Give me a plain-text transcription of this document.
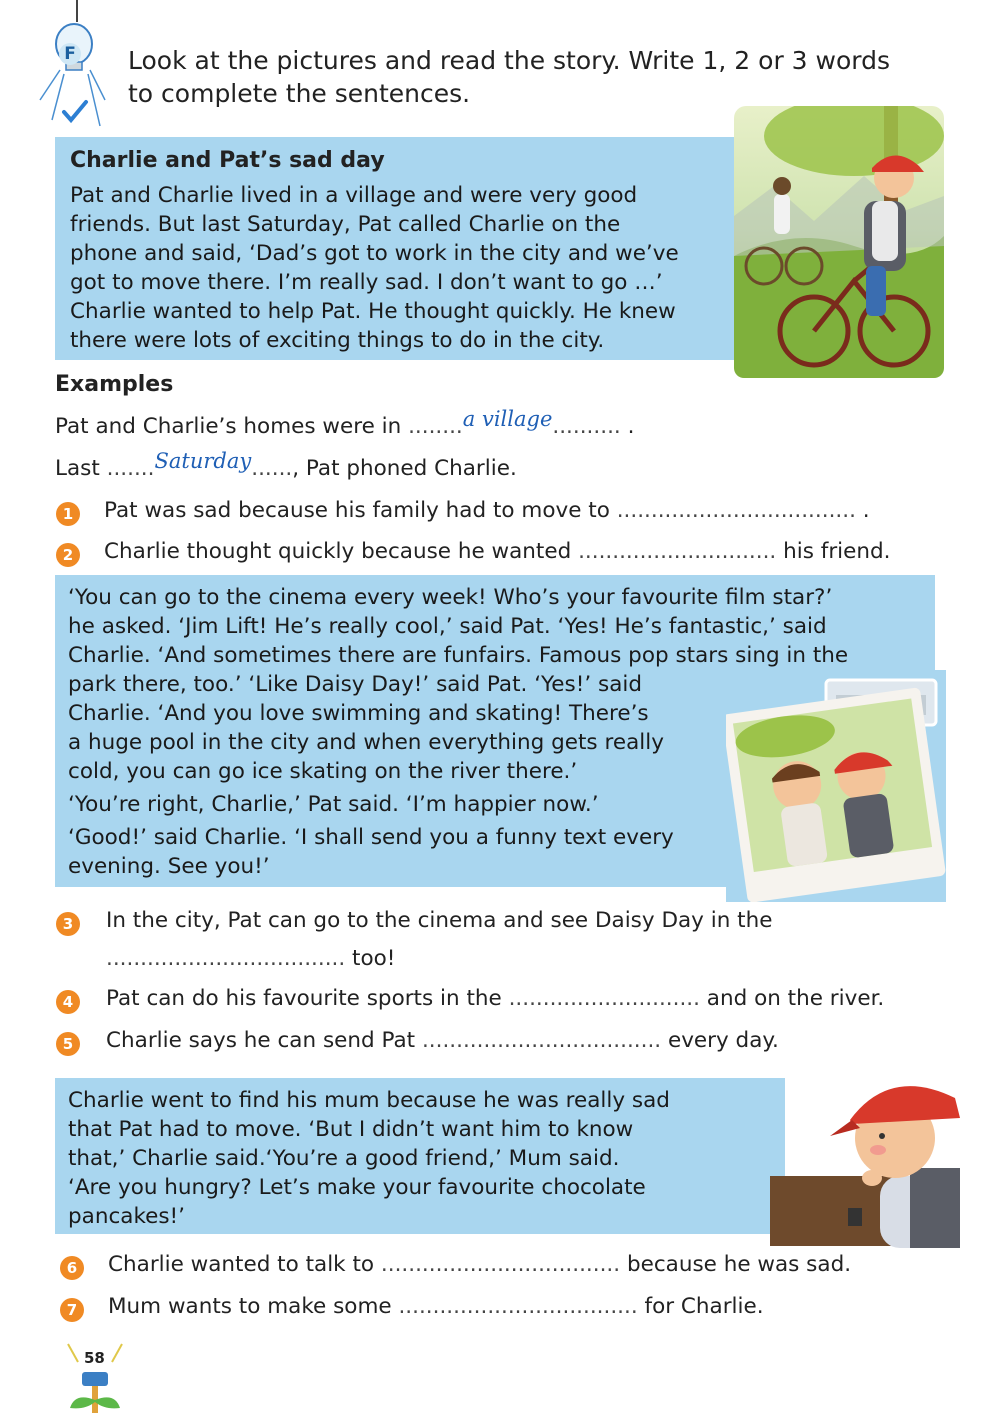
F Look at the pictures and read the story. Write 1, 2 or 3 words
to complete the sentences.
Charlie and Pat’s sad day
Pat and Charlie lived in a village and were very good
friends. But last Saturday, Pat called Charlie on the
phone and said, ‘Dad’s got to work in the city and we’ve
got to move there. I’m really sad. I don’t want to go …’
Charlie wanted to help Pat. He thought quickly. He knew
there were lots of exciting things to do in the city.
Examples
Pat and Charlie’s homes were in ........a village.......... .
Last .......Saturday......, Pat phoned Charlie.
1	Pat was sad because his family had to move to ................................... .
2	Charlie thought quickly because he wanted ............................. his friend.
‘You can go to the cinema every week! Who’s your favourite film star?’
he asked. ‘Jim Lift! He’s really cool,’ said Pat. ‘Yes! He’s fantastic,’ said
Charlie. ‘And sometimes there are funfairs. Famous pop stars sing in the
park there, too.’ ‘Like Daisy Day!’ said Pat. ‘Yes!’ said
Charlie. ‘And you love swimming and skating! There’s
a huge pool in the city and when everything gets really
cold, you can go ice skating on the river there.’
‘You’re right, Charlie,’ Pat said. ‘I’m happier now.’
‘Good!’ said Charlie. ‘I shall send you a funny text every
evening. See you!’
3	In the city, Pat can go to the cinema and see Daisy Day in the
................................... too!
4	Pat can do his favourite sports in the ............................ and on the river.
5	Charlie says he can send Pat ................................... every day.
Charlie went to find his mum because he was really sad
that Pat had to move. ‘But I didn’t want him to know
that,’ Charlie said.‘You’re a good friend,’ Mum said.
‘Are you hungry? Let’s make your favourite chocolate
pancakes!’
6	Charlie wanted to talk to ................................... because he was sad.
7	Mum wants to make some ................................... for Charlie.
58
